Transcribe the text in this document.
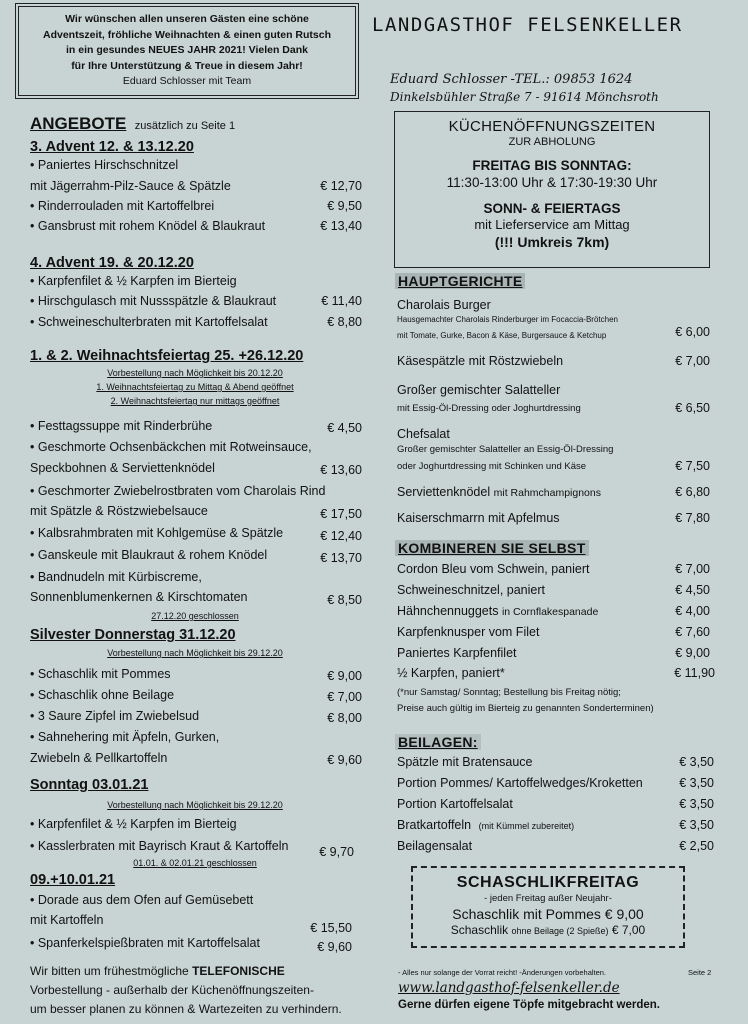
Wir wünschen allen unseren Gästen eine schöne
Adventszeit, fröhliche Weihnachten & einen guten Rutsch
in ein gesundes NEUES JAHR 2021! Vielen Dank
für Ihre Unterstützung & Treue in diesem Jahr!
Eduard Schlosser mit Team
LANDGASTHOF FELSENKELLER
Eduard Schlosser -TEL.: 09853 1624
Dinkelsbühler Straße 7 - 91614 Mönchsroth
KÜCHENÖFFNUNGSZEITEN
ZUR ABHOLUNG
FREITAG BIS SONNTAG:
11:30-13:00 Uhr & 17:30-19:30 Uhr
SONN- & FEIERTAGS
mit Lieferservice am Mittag
(!!! Umkreis 7km)
ANGEBOTE zusätzlich zu Seite 1
3. Advent 12. & 13.12.20
• Paniertes Hirschschnitzel
mit Jägerrahm-Pilz-Sauce & Spätzle	€ 12,70
• Rinderrouladen mit Kartoffelbrei	€ 9,50
• Gansbrust mit rohem Knödel & Blaukraut	€ 13,40
4. Advent 19. & 20.12.20
• Karpfenfilet & ½ Karpfen im Bierteig
• Hirschgulasch mit Nussspätzle & Blaukraut	€ 11,40
• Schweineschulterbraten mit Kartoffelsalat	€ 8,80
1. & 2. Weihnachtsfeiertag 25. +26.12.20
Vorbestellung nach Möglichkeit bis 20.12.20
1. Weihnachtsfeiertag zu Mittag & Abend geöffnet
2. Weihnachtsfeiertag nur mittags geöffnet
• Festtagssuppe mit Rinderbrühe	€ 4,50
• Geschmorte Ochsenbäckchen mit Rotweinsauce,
Speckbohnen & Serviettenknödel	€ 13,60
• Geschmorter Zwiebelrostbraten vom Charolais Rind
mit Spätzle & Röstzwiebelsauce	€ 17,50
• Kalbsrahmbraten mit Kohlgemüse & Spätzle	€ 12,40
• Ganskeule mit Blaukraut & rohem Knödel	€ 13,70
• Bandnudeln mit Kürbiscreme,
Sonnenblumenkernen & Kirschtomaten	€ 8,50
27.12.20 geschlossen
Silvester Donnerstag 31.12.20
Vorbestellung nach Möglichkeit bis 29.12.20
• Schaschlik mit Pommes	€ 9,00
• Schaschlik ohne Beilage	€ 7,00
• 3 Saure Zipfel im Zwiebelsud	€ 8,00
• Sahnehering mit Äpfeln, Gurken,
Zwiebeln & Pellkartoffeln	€ 9,60
Sonntag 03.01.21
Vorbestellung nach Möglichkeit bis 29.12.20
• Karpfenfilet & ½ Karpfen im Bierteig
• Kasslerbraten mit Bayrisch Kraut & Kartoffeln € 9,70
01.01. & 02.01.21 geschlossen
09.+10.01.21
• Dorade aus dem Ofen auf Gemüsebett
mit Kartoffeln
€ 15,50
• Spanferkelspießbraten mit Kartoffelsalat	€ 9,60
Wir bitten um frühestmögliche TELEFONISCHE
Vorbestellung - außerhalb der Küchenöffnungszeiten-
um besser planen zu können & Wartezeiten zu verhindern.
HAUPTGERICHTE
Charolais Burger
Hausgemachter Charolais Rinderburger im Focaccia-Brötchen
mit Tomate, Gurke, Bacon & Käse, Burgersauce & Ketchup	€ 6,00
Käsespätzle mit Röstzwiebeln	€ 7,00
Großer gemischter Salatteller
mit Essig-Öl-Dressing oder Joghurtdressing	€ 6,50
Chefsalat
Großer gemischter Salatteller an Essig-Öl-Dressing
oder Joghurtdressing mit Schinken und Käse	€ 7,50
Serviettenknödel mit Rahmchampignons	€ 6,80
Kaiserschmarrn mit Apfelmus	€ 7,80
KOMBINEREN SIE SELBST
Cordon Bleu vom Schwein, paniert	€ 7,00
Schweineschnitzel, paniert	€ 4,50
Hähnchennuggets in Cornflakespanade	€ 4,00
Karpfenknusper vom Filet	€ 7,60
Paniertes Karpfenfilet	€ 9,00
½ Karpfen, paniert*	€ 11,90
(*nur Samstag/ Sonntag; Bestellung bis Freitag nötig;
Preise auch gültig im Bierteig zu genannten Sonderterminen)
BEILAGEN:
Spätzle mit Bratensauce	€ 3,50
Portion Pommes/ Kartoffelwedges/Kroketten	€ 3,50
Portion Kartoffelsalat	€ 3,50
Bratkartoffeln (mit Kümmel zubereitet)	€ 3,50
Beilagensalat	€ 2,50
SCHASCHLIKFREITAG
- jeden Freitag außer Neujahr-
Schaschlik mit Pommes € 9,00
Schaschlik ohne Beilage (2 Spieße) € 7,00
- Alles nur solange der Vorrat reicht! -Änderungen vorbehalten.	Seite 2
www.landgasthof-felsenkeller.de
Gerne dürfen eigene Töpfe mitgebracht werden.
